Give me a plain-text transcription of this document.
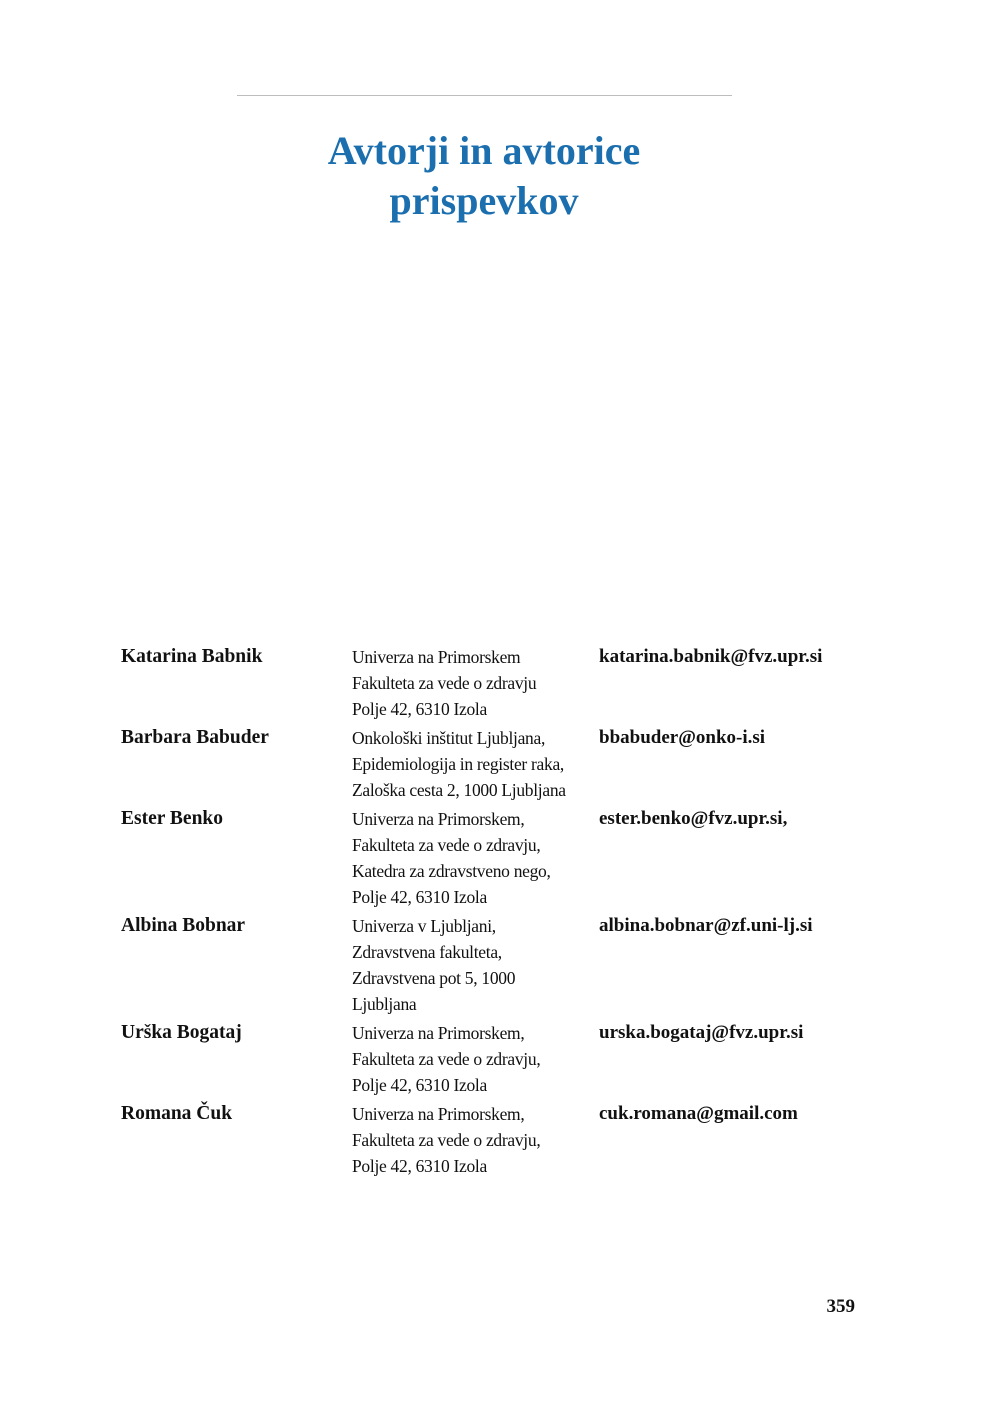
Avtorji in avtorice
prispevkov
Katarina Babnik	Univerza na Primorskem
Fakulteta za vede o zdravju
Polje 42, 6310 Izola
katarina.babnik@fvz.upr.si
Barbara Babuder	Onkološki inštitut Ljubljana,
Epidemiologija in register raka,
Zaloška cesta 2, 1000 Ljubljana
bbabuder@onko-i.si
Ester Benko	Univerza na Primorskem,
Fakulteta za vede o zdravju,
Katedra za zdravstveno nego,
Polje 42, 6310 Izola
ester.benko@fvz.upr.si,
Albina Bobnar	Univerza v Ljubljani,
Zdravstvena fakulteta,
Zdravstvena pot 5, 1000
Ljubljana
albina.bobnar@zf.uni-lj.si
Urška Bogataj	Univerza na Primorskem,
Fakulteta za vede o zdravju,
Polje 42, 6310 Izola
urska.bogataj@fvz.upr.si
Romana Čuk	Univerza na Primorskem,
Fakulteta za vede o zdravju,
Polje 42, 6310 Izola
cuk.romana@gmail.com
359
